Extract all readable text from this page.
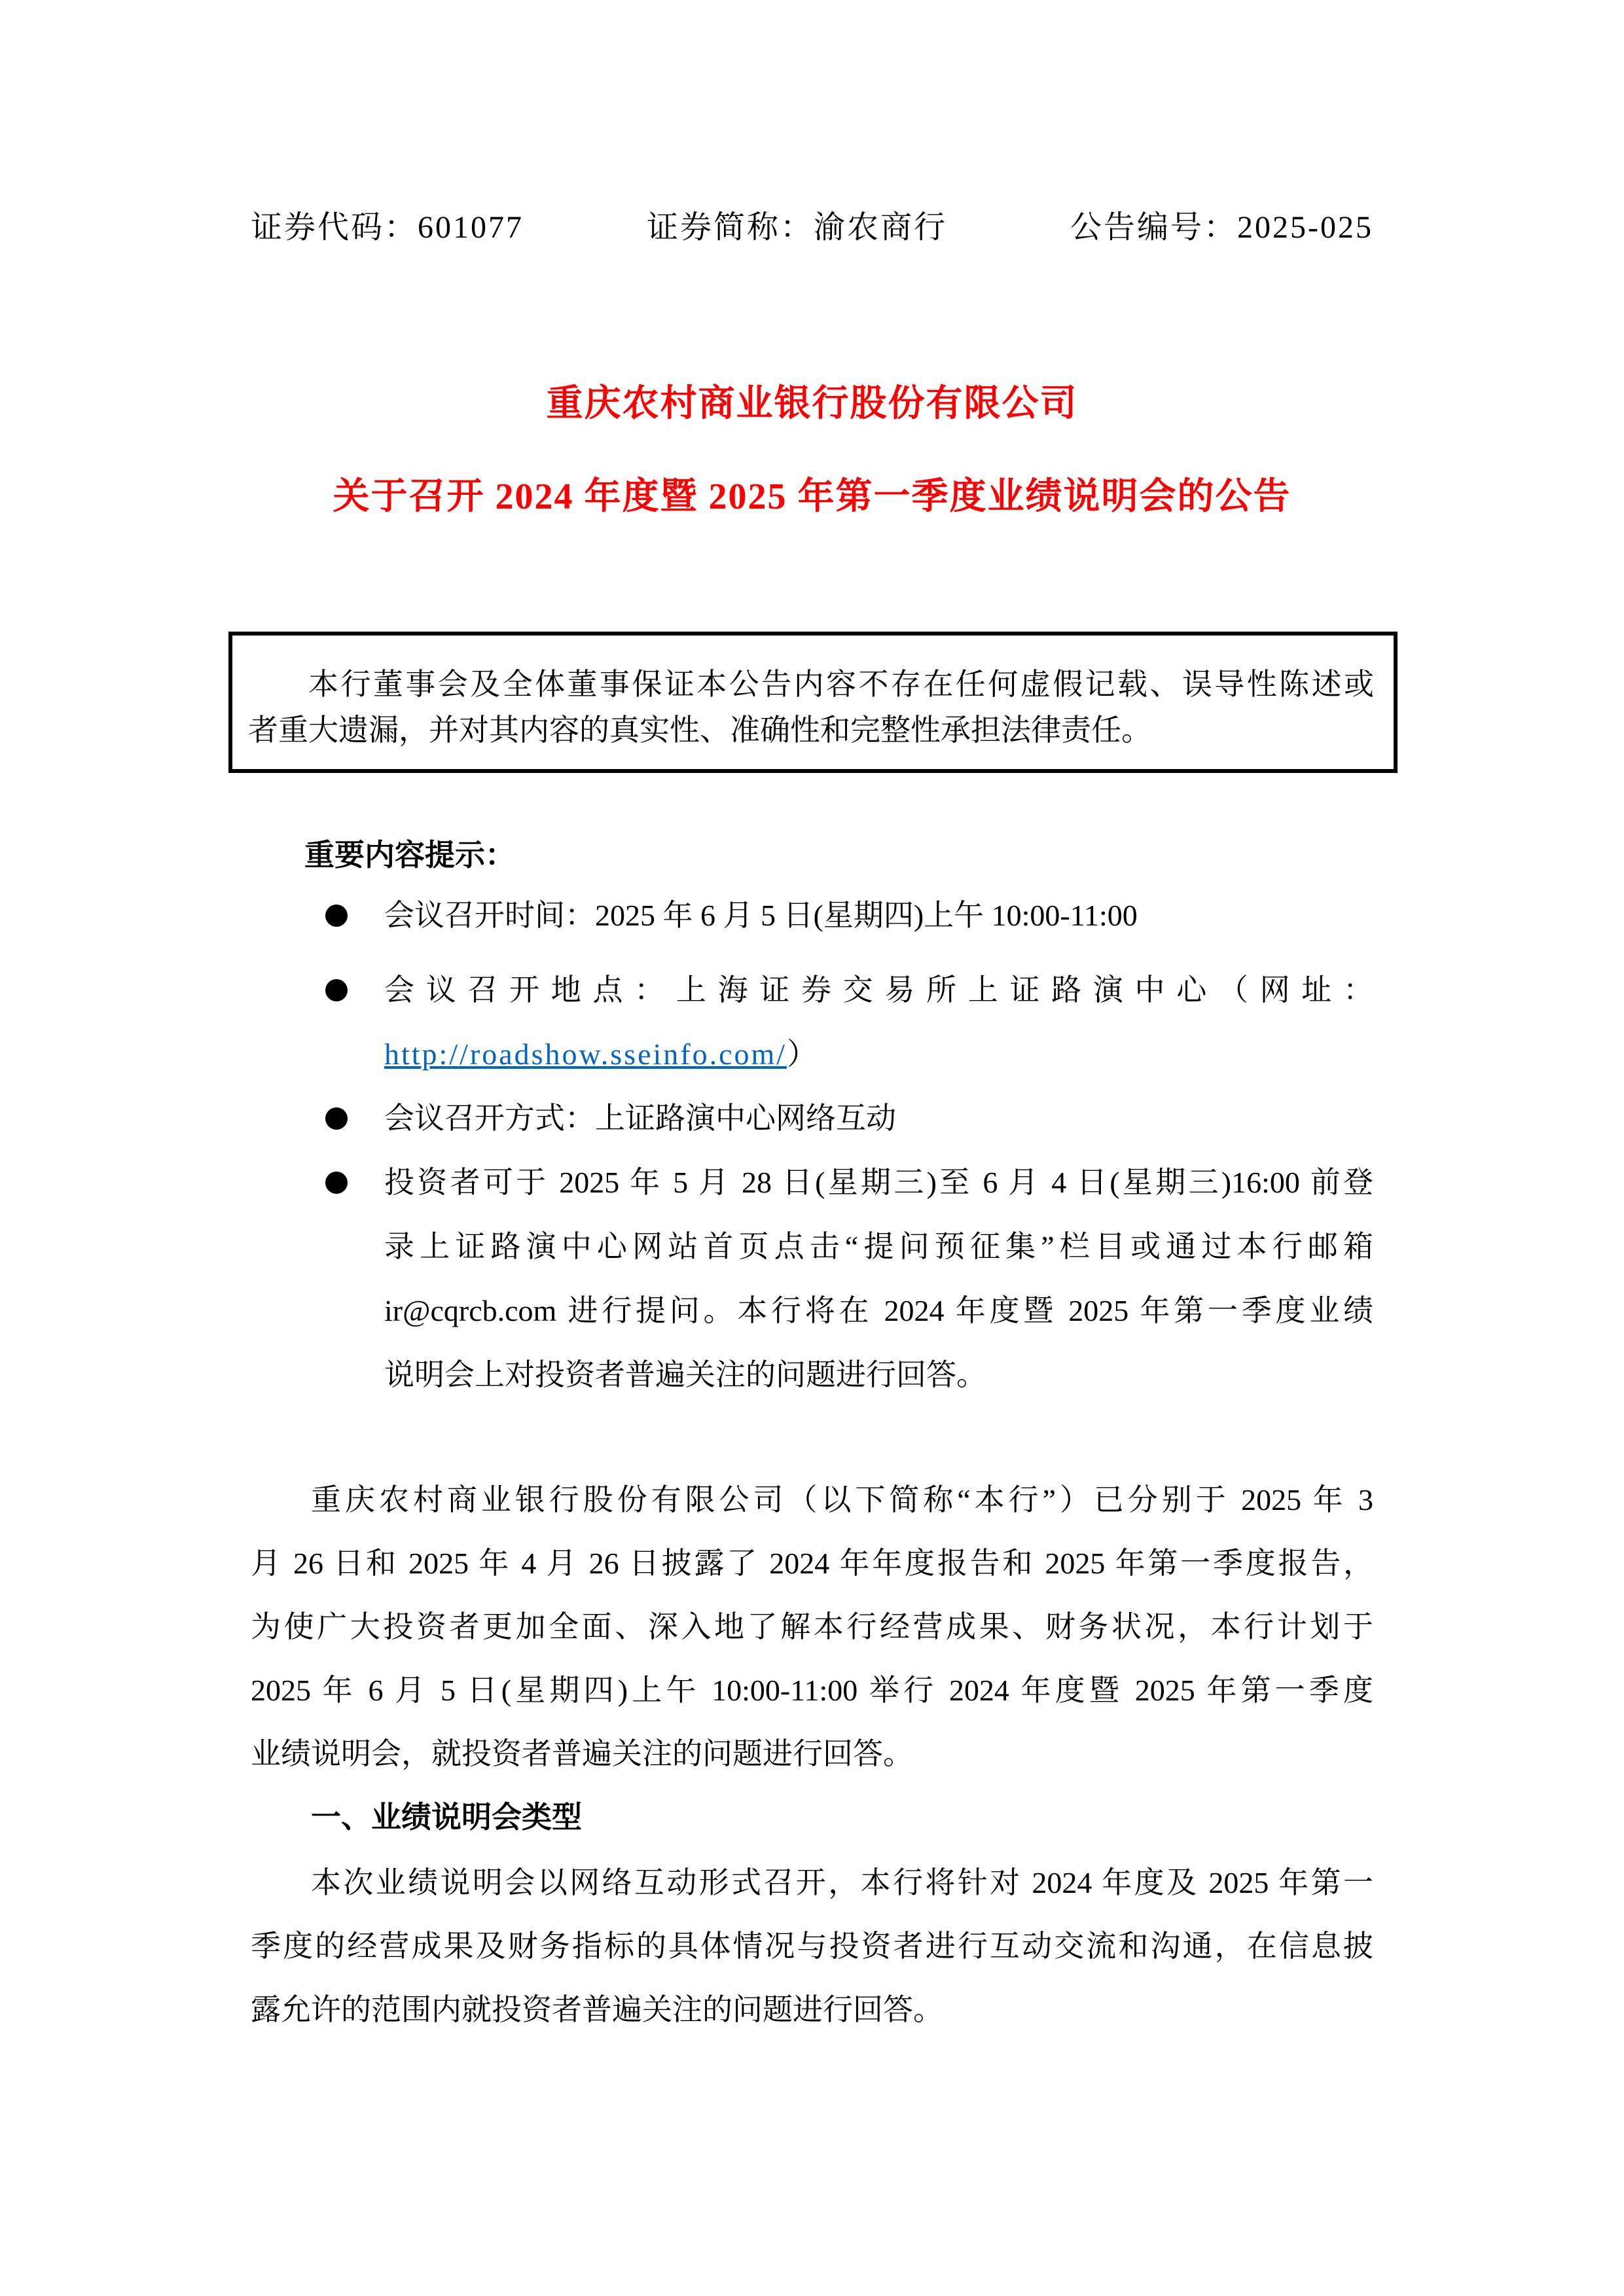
证券代码：601077	证券简称：渝农商行	公告编号：2025-025
重庆农村商业银行股份有限公司
关于召开 2024 年度暨 2025 年第一季度业绩说明会的公告
本行董事会及全体董事保证本公告内容不存在任何虚假记载、误导性陈述或
者重大遗漏，并对其内容的真实性、准确性和完整性承担法律责任。
重要内容提示：
会议召开时间：2025 年 6 月 5 日(星期四)上午 10:00-11:00
会议召开地点：上海证券交易所上证路演中心（网址：
http://roadshow.sseinfo.com/）
会议召开方式：上证路演中心网络互动
投资者可于 2025 年 5 月 28 日(星期三)至 6 月 4 日(星期三)16:00 前登
录上证路演中心网站首页点击“提问预征集”栏目或通过本行邮箱
ir@cqrcb.com 进行提问。本行将在 2024 年度暨 2025 年第一季度业绩
说明会上对投资者普遍关注的问题进行回答。
重庆农村商业银行股份有限公司（以下简称“本行”）已分别于 2025 年 3
月 26 日和 2025 年 4 月 26 日披露了 2024 年年度报告和 2025 年第一季度报告，
为使广大投资者更加全面、深入地了解本行经营成果、财务状况，本行计划于
2025 年 6 月 5 日(星期四)上午 10:00-11:00 举行 2024 年度暨 2025 年第一季度
业绩说明会，就投资者普遍关注的问题进行回答。
一、业绩说明会类型
本次业绩说明会以网络互动形式召开，本行将针对 2024 年度及 2025 年第一
季度的经营成果及财务指标的具体情况与投资者进行互动交流和沟通，在信息披
露允许的范围内就投资者普遍关注的问题进行回答。
